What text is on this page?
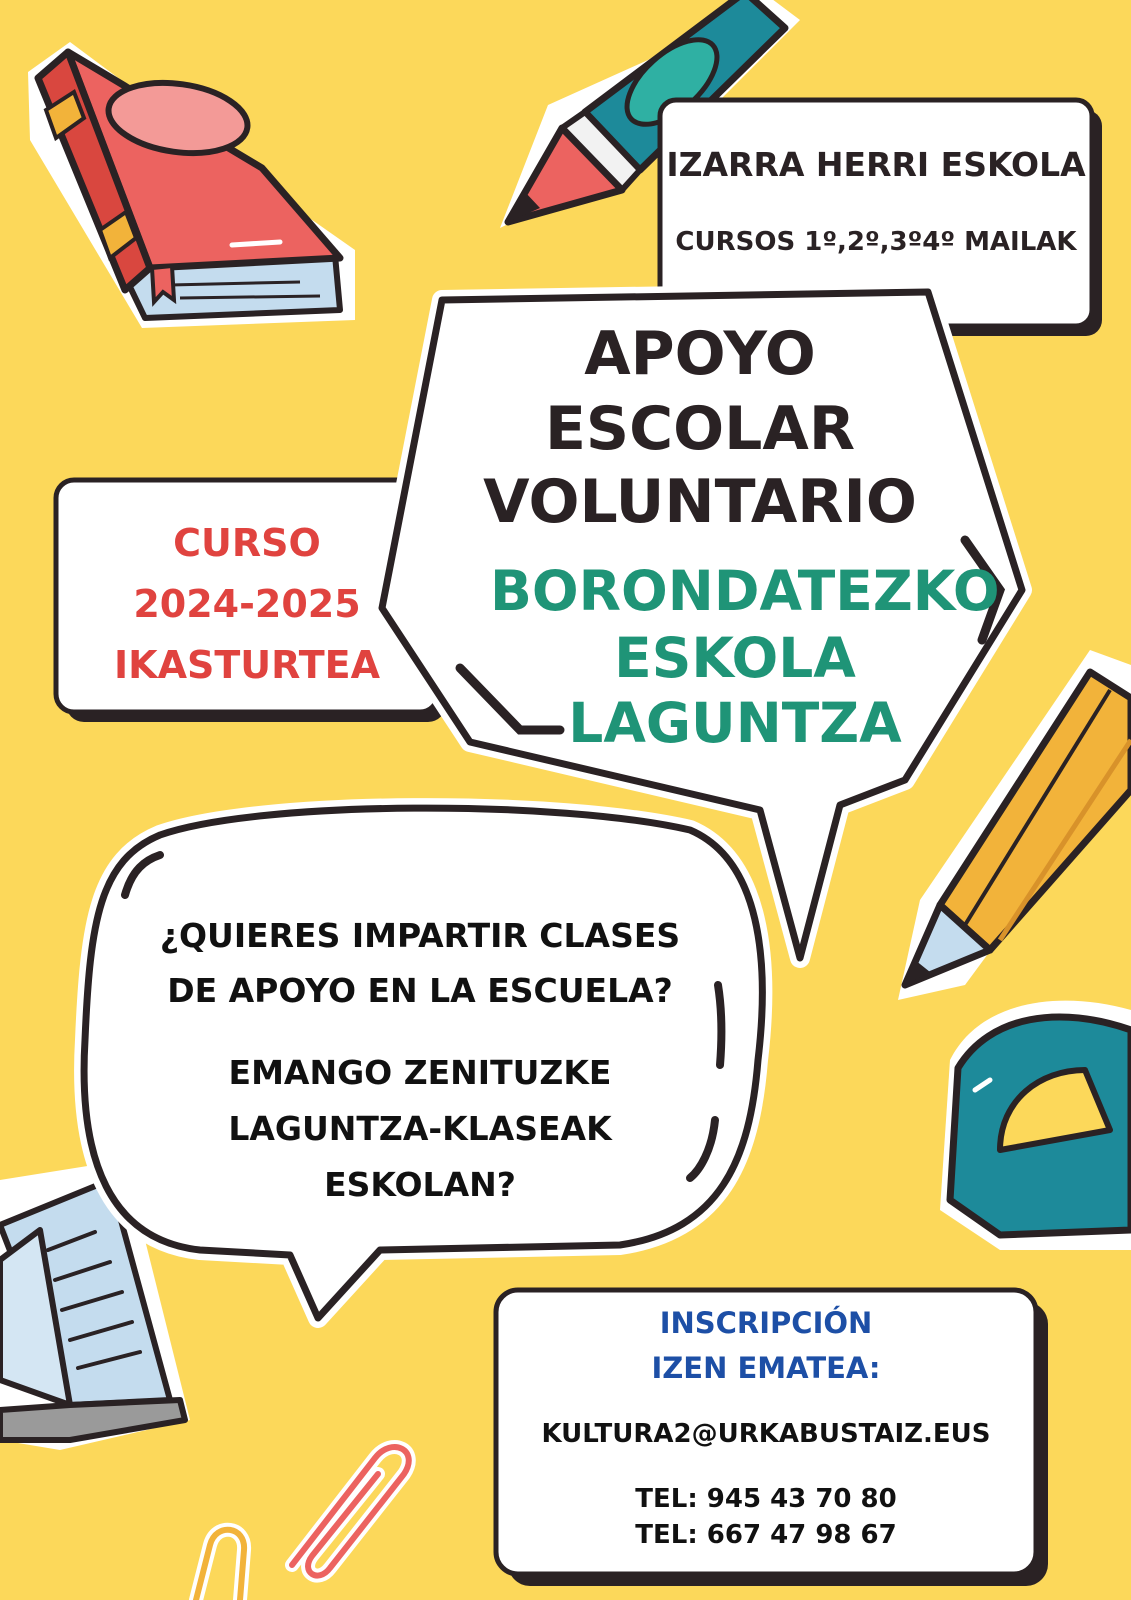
IZARRA HERRI ESKOLA
CURSOS 1º,2º,3º4º MAILAK
CURSO
2024-2025
IKASTURTEA
APOYO
ESCOLAR
VOLUNTARIO
BORONDATEZKO
ESKOLA
LAGUNTZA
¿QUIERES IMPARTIR CLASES
DE APOYO EN LA ESCUELA?
EMANGO ZENITUZKE
LAGUNTZA-KLASEAK
ESKOLAN?
INSCRIPCIÓN
IZEN EMATEA:
KULTURA2@URKABUSTAIZ.EUS
TEL: 945 43 70 80
TEL: 667 47 98 67
